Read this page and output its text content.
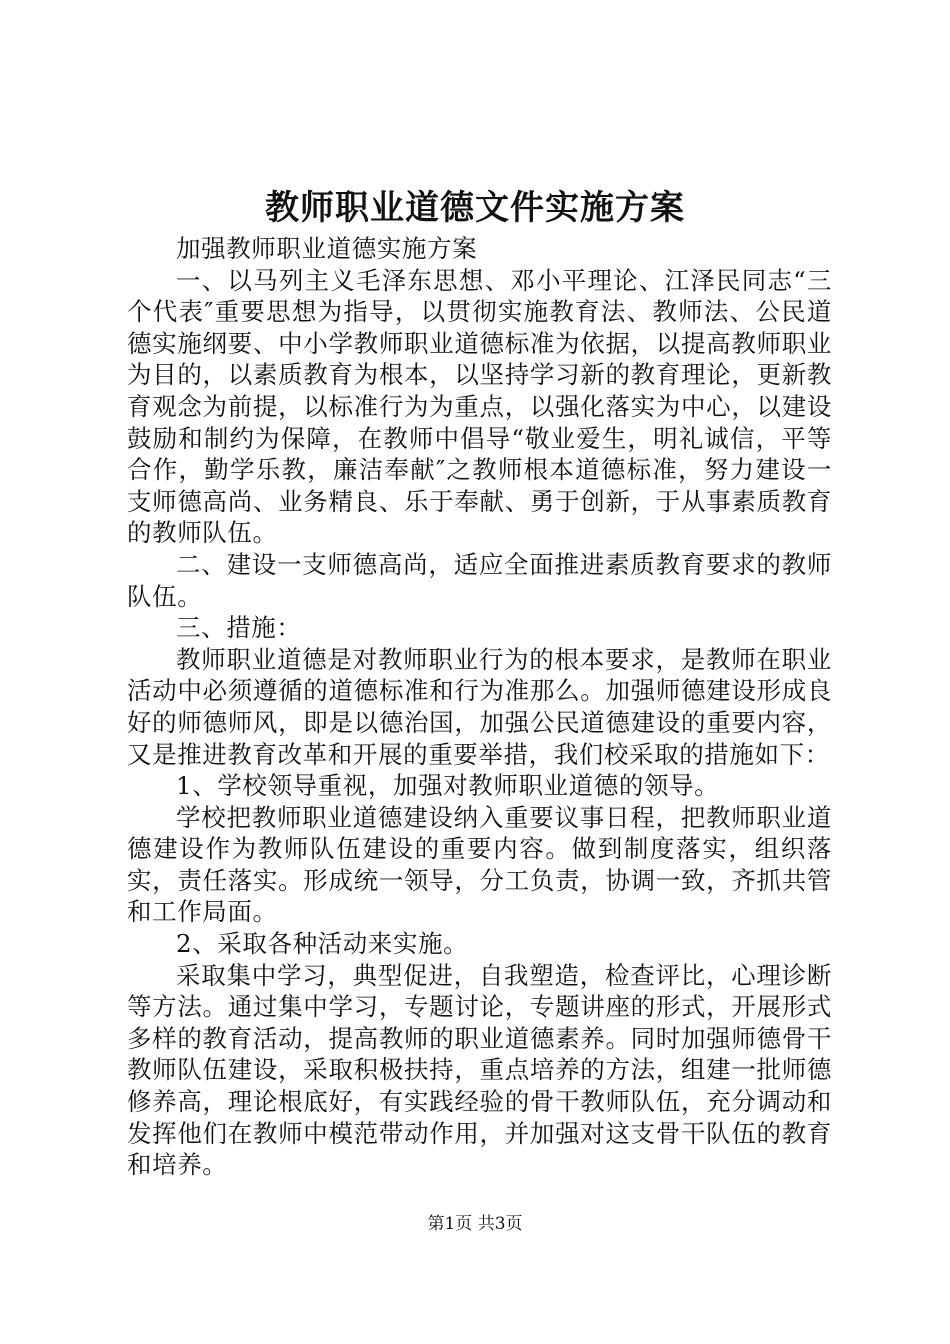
教师职业道德文件实施方案

加强教师职业道德实施方案

一、以马列主义毛泽东思想、邓小平理论、江泽民同志“三个代表″重要思想为指导，以贯彻实施教育法、教师法、公民道德实施纲要、中小学教师职业道德标准为依据，以提高教师职业为目的，以素质教育为根本，以坚持学习新的教育理论，更新教育观念为前提，以标准行为为重点，以强化落实为中心，以建设鼓励和制约为保障，在教师中倡导“敬业爱生，明礼诚信，平等合作，勤学乐教，廉洁奉献″之教师根本道德标准，努力建设一支师德高尚、业务精良、乐于奉献、勇于创新，于从事素质教育的教师队伍。

二、建设一支师德高尚，适应全面推进素质教育要求的教师队伍。

三、措施：

教师职业道德是对教师职业行为的根本要求，是教师在职业活动中必须遵循的道德标准和行为准那么。加强师德建设形成良好的师德师风，即是以德治国，加强公民道德建设的重要内容，又是推进教育改革和开展的重要举措，我们校采取的措施如下：

1、学校领导重视，加强对教师职业道德的领导。

学校把教师职业道德建设纳入重要议事日程，把教师职业道德建设作为教师队伍建设的重要内容。做到制度落实，组织落实，责任落实。形成统一领导，分工负责，协调一致，齐抓共管和工作局面。

2、采取各种活动来实施。

采取集中学习，典型促进，自我塑造，检查评比，心理诊断等方法。通过集中学习，专题讨论，专题讲座的形式，开展形式多样的教育活动，提高教师的职业道德素养。同时加强师德骨干教师队伍建设，采取积极扶持，重点培养的方法，组建一批师德修养高，理论根底好，有实践经验的骨干教师队伍，充分调动和发挥他们在教师中模范带动作用，并加强对这支骨干队伍的教育和培养。

第1页 共3页
